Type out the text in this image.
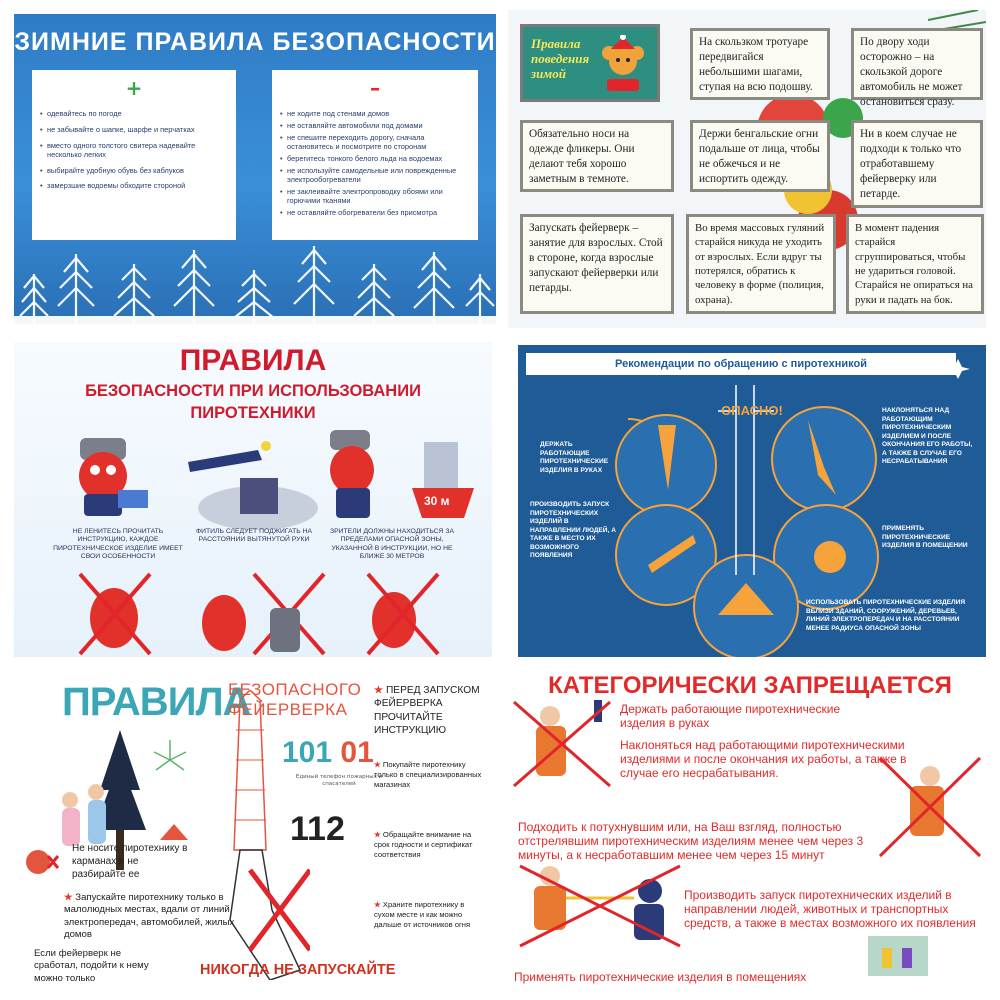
ЗИМНИЕ ПРАВИЛА БЕЗОПАСНОСТИ
+
• одевайтесь по погоде
• не забывайте о шапке, шарфе и перчатках
• вместо одного толстого свитера надевайте несколько легких
• выбирайте удобную обувь без каблуков
• замерзшие водоемы обходите стороной
–
• не ходите под стенами домов
• не оставляйте автомобили под домами
• не спешите переходить дорогу, сначала остановитесь и посмотрите по сторонам
• берегитесь тонкого белого льда на водоемах
• не используйте самодельные или поврежденные электрообогреватели
• не заклеивайте электропроводку обоями или горючими тканями
• не оставляйте обогреватели без присмотра
Правила
поведения
зимой
На скользком тротуаре передвигайся небольшими шагами, ступая на всю подошву.
По двору ходи осторожно – на скользкой дороге автомобиль не может остановиться сразу.
Обязательно носи на одежде фликеры. Они делают тебя хорошо заметным в темноте.
Держи бенгальские огни подальше от лица, чтобы не обжечься и не испортить одежду.
Ни в коем случае не подходи к только что отработавшему фейерверку или петарде.
Запускать фейерверк – занятие для взрослых. Стой в стороне, когда взрослые запускают фейерверки или петарды.
Во время массовых гуляний старайся никуда не уходить от взрослых. Если вдруг ты потерялся, обратись к человеку в форме (полиция, охрана).
В момент падения старайся сгруппироваться, чтобы не удариться головой. Старайся не опираться на руки и падать на бок.
ПРАВИЛА
БЕЗОПАСНОСТИ ПРИ ИСПОЛЬЗОВАНИИ
ПИРОТЕХНИКИ
30 м
НЕ ЛЕНИТЕСЬ ПРОЧИТАТЬ ИНСТРУКЦИЮ, КАЖДОЕ ПИРОТЕХНИЧЕСКОЕ ИЗДЕЛИЕ ИМЕЕТ СВОИ ОСОБЕННОСТИ
ФИТИЛЬ СЛЕДУЕТ ПОДЖИГАТЬ НА РАССТОЯНИИ ВЫТЯНУТОЙ РУКИ
ЗРИТЕЛИ ДОЛЖНЫ НАХОДИТЬСЯ ЗА ПРЕДЕЛАМИ ОПАСНОЙ ЗОНЫ, УКАЗАННОЙ В ИНСТРУКЦИИ, НО НЕ БЛИЖЕ 30 МЕТРОВ
Рекомендации по обращению с пиротехникой
ОПАСНО!
ДЕРЖАТЬ РАБОТАЮЩИЕ ПИРОТЕХНИЧЕСКИЕ ИЗДЕЛИЯ В РУКАХ
НАКЛОНЯТЬСЯ НАД РАБОТАЮЩИМ ПИРОТЕХНИЧЕСКИМ ИЗДЕЛИЕМ И ПОСЛЕ ОКОНЧАНИЯ ЕГО РАБОТЫ, А ТАКЖЕ В СЛУЧАЕ ЕГО НЕСРАБАТЫВАНИЯ
ПРОИЗВОДИТЬ ЗАПУСК ПИРОТЕХНИЧЕСКИХ ИЗДЕЛИЙ В НАПРАВЛЕНИИ ЛЮДЕЙ, А ТАКЖЕ В МЕСТО ИХ ВОЗМОЖНОГО ПОЯВЛЕНИЯ
ПРИМЕНЯТЬ ПИРОТЕХНИЧЕСКИЕ ИЗДЕЛИЯ В ПОМЕЩЕНИИ
ИСПОЛЬЗОВАТЬ ПИРОТЕХНИЧЕСКИЕ ИЗДЕЛИЯ ВБЛИЗИ ЗДАНИЙ, СООРУЖЕНИЙ, ДЕРЕВЬЕВ, ЛИНИЙ ЭЛЕКТРОПЕРЕДАЧ И НА РАССТОЯНИИ МЕНЕЕ РАДИУСА ОПАСНОЙ ЗОНЫ
ПРАВИЛА
БЕЗОПАСНОГО
ФЕЙЕРВЕРКА
101 01
Единый телефон пожарных и спасателей
112
★ ПЕРЕД ЗАПУСКОМ ФЕЙЕРВЕРКА ПРОЧИТАЙТЕ ИНСТРУКЦИЮ
★ Покупайте пиротехнику только в специализированных магазинах
★ Обращайте внимание на срок годности и сертификат соответствия
★ Храните пиротехнику в сухом месте и как можно дальше от источников огня
Не носите пиротехнику в карманах и не разбирайте ее
★ Запускайте пиротехнику только в малолюдных местах, вдали от линий электропередач, автомобилей, жилых домов
Если фейерверк не сработал, подойти к нему можно только
НИКОГДА НЕ ЗАПУСКАЙТЕ
КАТЕГОРИЧЕСКИ ЗАПРЕЩАЕТСЯ
Держать работающие пиротехнические изделия в руках
Наклоняться над работающими пиротехническими изделиями и после окончания их работы, а также в случае его несрабатывания.
Подходить к потухнувшим или, на Ваш взгляд, полностью отстрелявшим пиротехническим изделиям менее чем через 3 минуты, а к несработавшим менее чем через 15 минут
Производить запуск пиротехнических изделий в направлении людей, животных и транспортных средств, а также в местах возможного их появления
Применять пиротехнические изделия в помещениях
